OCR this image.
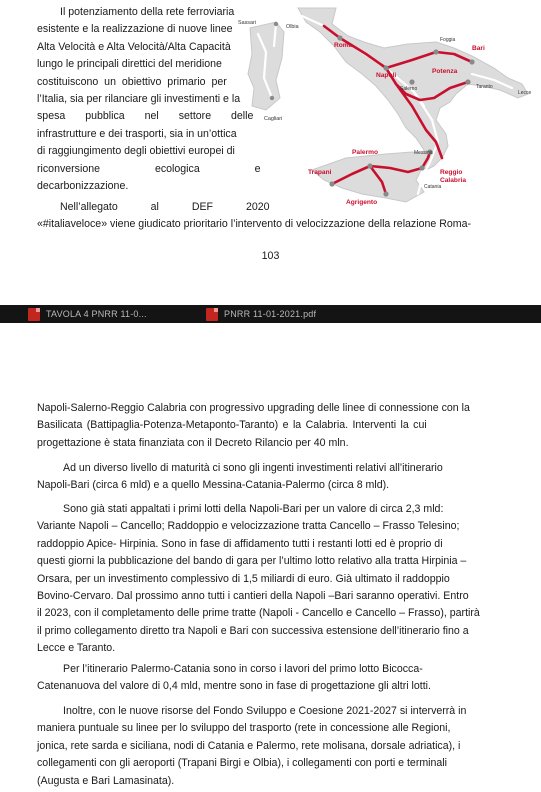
Il potenziamento della rete ferroviaria
esistente e la realizzazione di nuove linee
Alta Velocità e Alta Velocità/Alta Capacità
lungo le principali direttici del meridione
costituiscono un obiettivo primario per
l’Italia, sia per rilanciare gli investimenti e la
spesa pubblica nel settore delle
infrastrutture e dei trasporti, sia in un’ottica
di raggiungimento degli obiettivi europei di
riconversione ecologica e
decarbonizzazione.
Nell’allegato al DEF 2020
«#italiaveloce» viene giudicato prioritario l’intervento di velocizzazione della relazione Roma-
103
Sassari
Olbia
Cagliari
Roma	Bari
Napoli
Potenza
Palermo
Trapani	Reggio
Calabria
Agrigento
Foggia
Salerno	Taranto
Lecce
Messina
Catania
TAVOLA 4 PNRR 11-0...	PNRR 11-01-2021.pdf
Napoli-Salerno-Reggio Calabria con progressivo upgrading delle linee di connessione con la
Basilicata (Battipaglia-Potenza-Metaponto-Taranto) e la Calabria. Interventi la cui
progettazione è stata finanziata con il Decreto Rilancio per 40 mln.
Ad un diverso livello di maturità ci sono gli ingenti investimenti relativi all’itinerario
Napoli-Bari (circa 6 mld) e a quello Messina-Catania-Palermo (circa 8 mld).
Sono già stati appaltati i primi lotti della Napoli-Bari per un valore di circa 2,3 mld:
Variante Napoli – Cancello; Raddoppio e velocizzazione tratta Cancello – Frasso Telesino;
raddoppio Apice- Hirpinia. Sono in fase di affidamento tutti i restanti lotti ed è proprio di
questi giorni la pubblicazione del bando di gara per l’ultimo lotto relativo alla tratta Hirpinia –
Orsara, per un investimento complessivo di 1,5 miliardi di euro. Già ultimato il raddoppio
Bovino-Cervaro. Dal prossimo anno tutti i cantieri della Napoli –Bari saranno operativi. Entro
il 2023, con il completamento delle prime tratte (Napoli - Cancello e Cancello – Frasso), partirà
il primo collegamento diretto tra Napoli e Bari con successiva estensione dell’itinerario fino a
Lecce e Taranto.
Per l’itinerario Palermo-Catania sono in corso i lavori del primo lotto Bicocca-
Catenanuova del valore di 0,4 mld, mentre sono in fase di progettazione gli altri lotti.
Inoltre, con le nuove risorse del Fondo Sviluppo e Coesione 2021-2027 si interverrà in
maniera puntuale su linee per lo sviluppo del trasporto (rete in concessione alle Regioni,
jonica, rete sarda e siciliana, nodi di Catania e Palermo, rete molisana, dorsale adriatica), i
collegamenti con gli aeroporti (Trapani Birgi e Olbia), i collegamenti con porti e terminali
(Augusta e Bari Lamasinata).
